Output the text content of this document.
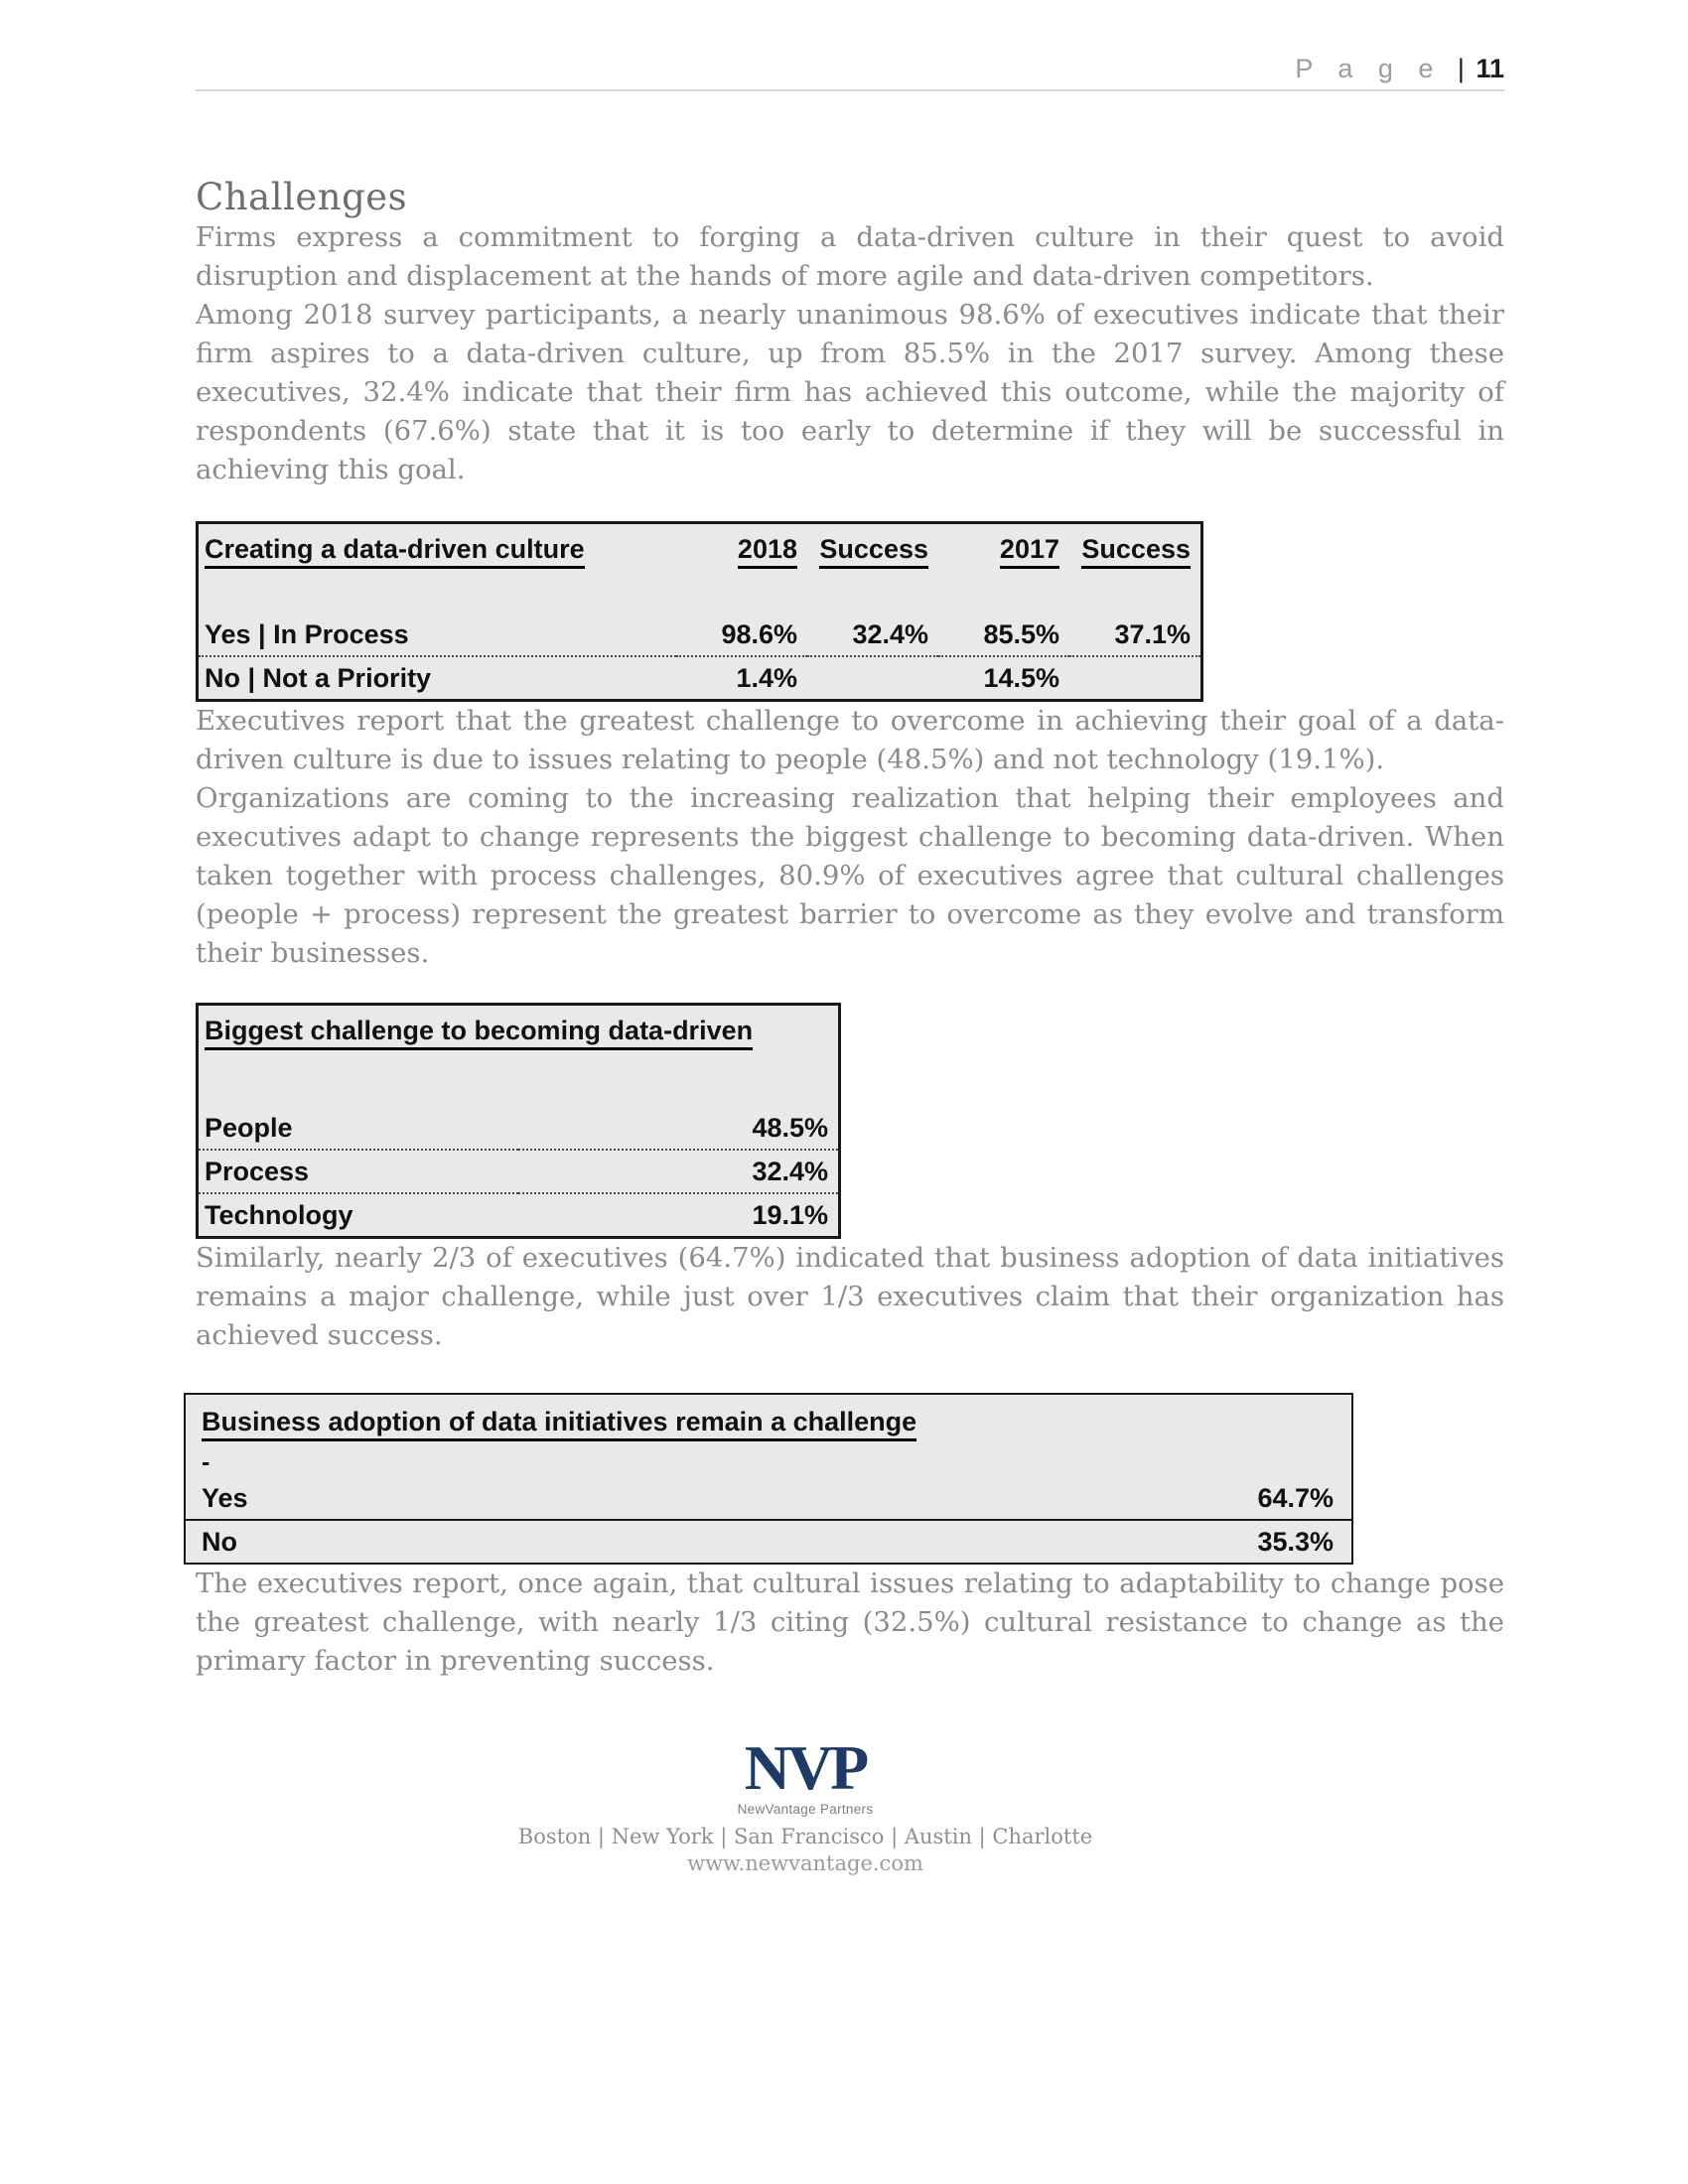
P a g e | 11
Challenges

Firms express a commitment to forging a data-driven culture in their quest to avoid disruption and displacement at the hands of more agile and data-driven competitors.

Among 2018 survey participants, a nearly unanimous 98.6% of executives indicate that their firm aspires to a data-driven culture, up from 85.5% in the 2017 survey. Among these executives, 32.4% indicate that their firm has achieved this outcome, while the majority of respondents (67.6%) state that it is too early to determine if they will be successful in achieving this goal.

Creating a data-driven culture	2018	Success	2017	Success

Yes | In Process	98.6%	32.4%	85.5%	37.1%
No | Not a Priority	1.4%		14.5%	

Executives report that the greatest challenge to overcome in achieving their goal of a data-driven culture is due to issues relating to people (48.5%) and not technology (19.1%).

Organizations are coming to the increasing realization that helping their employees and executives adapt to change represents the biggest challenge to becoming data-driven. When taken together with process challenges, 80.9% of executives agree that cultural challenges (people + process) represent the greatest barrier to overcome as they evolve and transform their businesses.

Biggest challenge to becoming data-driven	

People	48.5%
Process	32.4%
Technology	19.1%

Similarly, nearly 2/3 of executives (64.7%) indicated that business adoption of data initiatives remains a major challenge, while just over 1/3 executives claim that their organization has achieved success.

Business adoption of data initiatives remain a challenge	
-	
Yes	64.7%
No	35.3%

The executives report, once again, that cultural issues relating to adaptability to change pose the greatest challenge, with nearly 1/3 citing (32.5%) cultural resistance to change as the primary factor in preventing success.

NVP
NewVantage Partners
Boston | New York | San Francisco | Austin | Charlotte
www.newvantage.com
